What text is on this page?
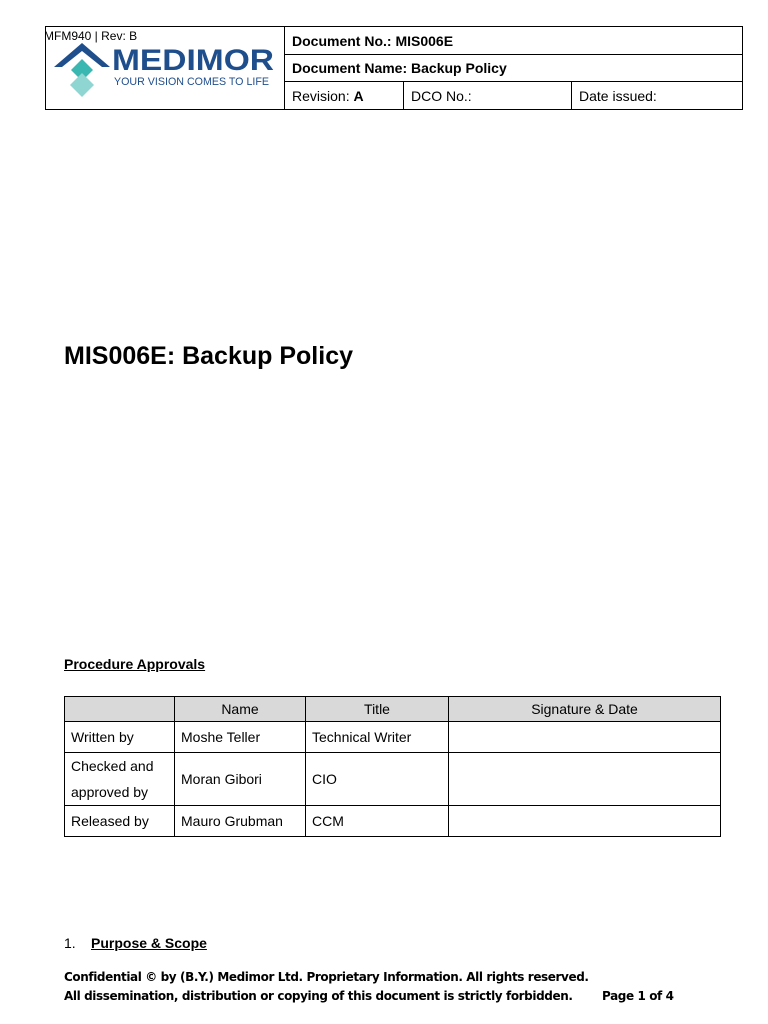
MFM940 | Rev: B
MEDIMOR
YOUR VISION COMES TO LIFE	Document No.: MIS006E		
	Document Name: Backup Policy		
	Revision: A	DCO No.:	Date issued:
MIS006E: Backup Policy
Procedure Approvals
	Name	Title	Signature & Date
Written by	Moshe Teller	Technical Writer	
Checked and approved by	Moran Gibori	CIO	
Released by	Mauro Grubman	CCM	
1. Purpose & Scope
Confidential © by (B.Y.) Medimor Ltd. Proprietary Information. All rights reserved.
All dissemination, distribution or copying of this document is strictly forbidden. Page 1 of 4
